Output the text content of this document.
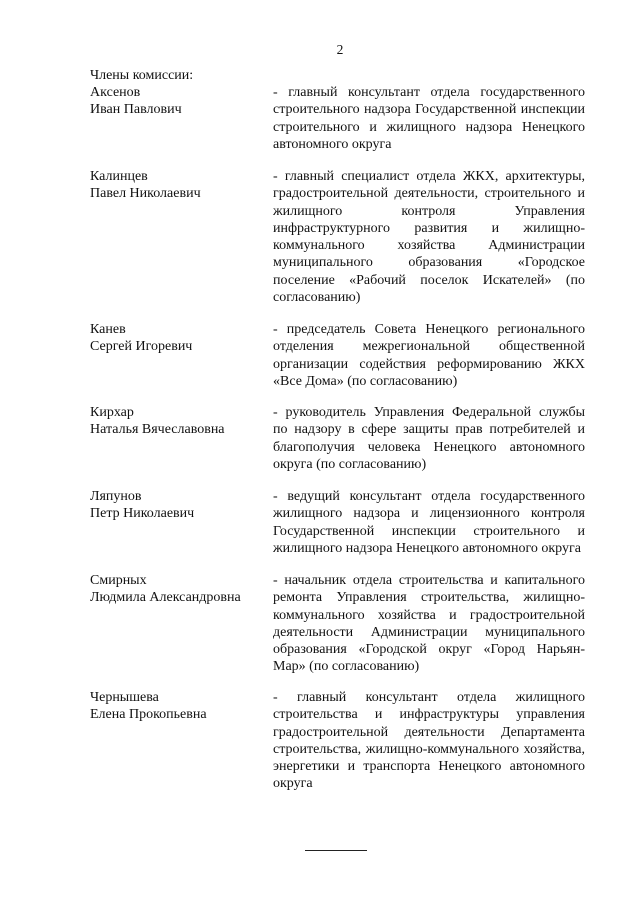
2
Члены комиссии:
Аксенов
Иван Павлович
- главный консультант отдела государственного строительного надзора Государственной инспекции строительного и жилищного надзора Ненецкого автономного округа
Калинцев
Павел Николаевич
- главный специалист отдела ЖКХ, архитектуры, градостроительной деятельности, строительного и жилищного контроля Управления инфраструктурного развития и жилищно-коммунального хозяйства Администрации муниципального образования «Городское поселение «Рабочий поселок Искателей» (по согласованию)
Канев
Сергей Игоревич
- председатель Совета Ненецкого регионального отделения межрегиональной общественной организации содействия реформированию ЖКХ «Все Дома» (по согласованию)
Кирхар
Наталья Вячеславовна
- руководитель Управления Федеральной службы по надзору в сфере защиты прав потребителей и благополучия человека Ненецкого автономного округа (по согласованию)
Ляпунов
Петр Николаевич
- ведущий консультант отдела государственного жилищного надзора и лицензионного контроля Государственной инспекции строительного и жилищного надзора Ненецкого автономного округа
Смирных
Людмила Александровна
- начальник отдела строительства и капитального ремонта Управления строительства, жилищно-коммунального хозяйства и градостроительной деятельности Администрации муниципального образования «Городской округ «Город Нарьян-Мар» (по согласованию)
Чернышева
Елена Прокопьевна
- главный консультант отдела жилищного строительства и инфраструктуры управления градостроительной деятельности Департамента строительства, жилищно-коммунального хозяйства, энергетики и транспорта Ненецкого автономного округа
